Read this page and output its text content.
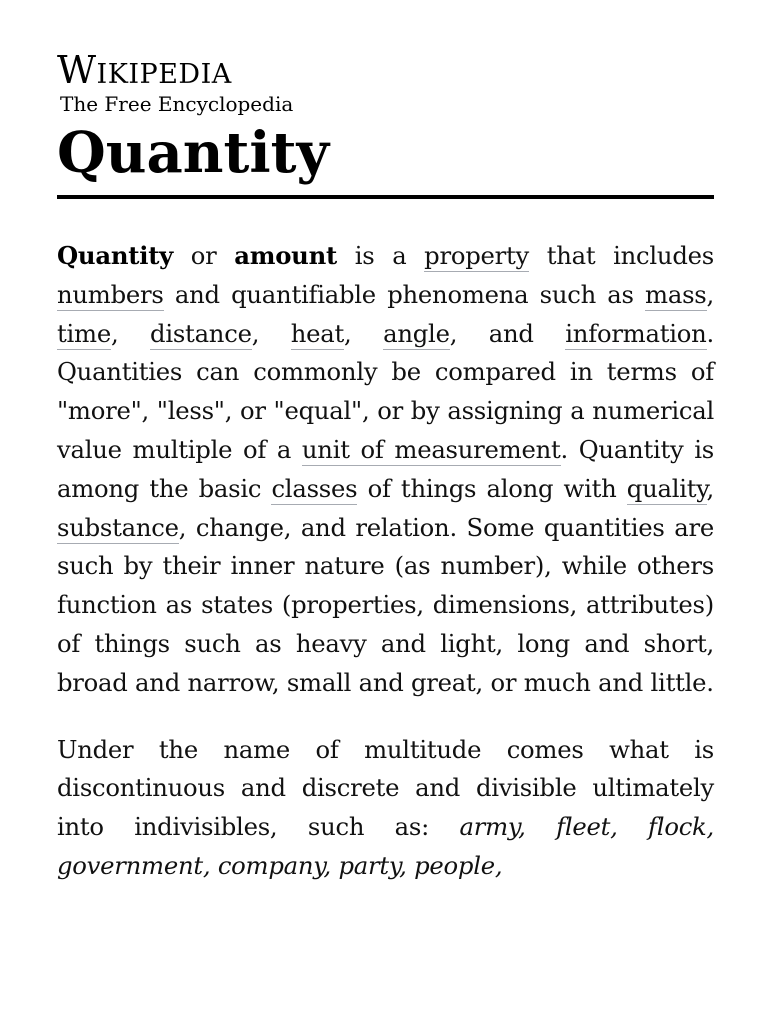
Wikipedia
The Free Encyclopedia
Quantity

Quantity or amount is a property that includes numbers and quantifiable phenomena such as mass, time, distance, heat, angle, and information. Quantities can commonly be compared in terms of "more", "less", or "equal", or by assigning a numerical value multiple of a unit of measurement. Quantity is among the basic classes of things along with quality, substance, change, and relation. Some quantities are such by their inner nature (as number), while others function as states (properties, dimensions, attributes) of things such as heavy and light, long and short, broad and narrow, small and great, or much and little.

Under the name of multitude comes what is discontinuous and discrete and divisible ultimately into indivisibles, such as: army, fleet, flock, government, company, party, people,
